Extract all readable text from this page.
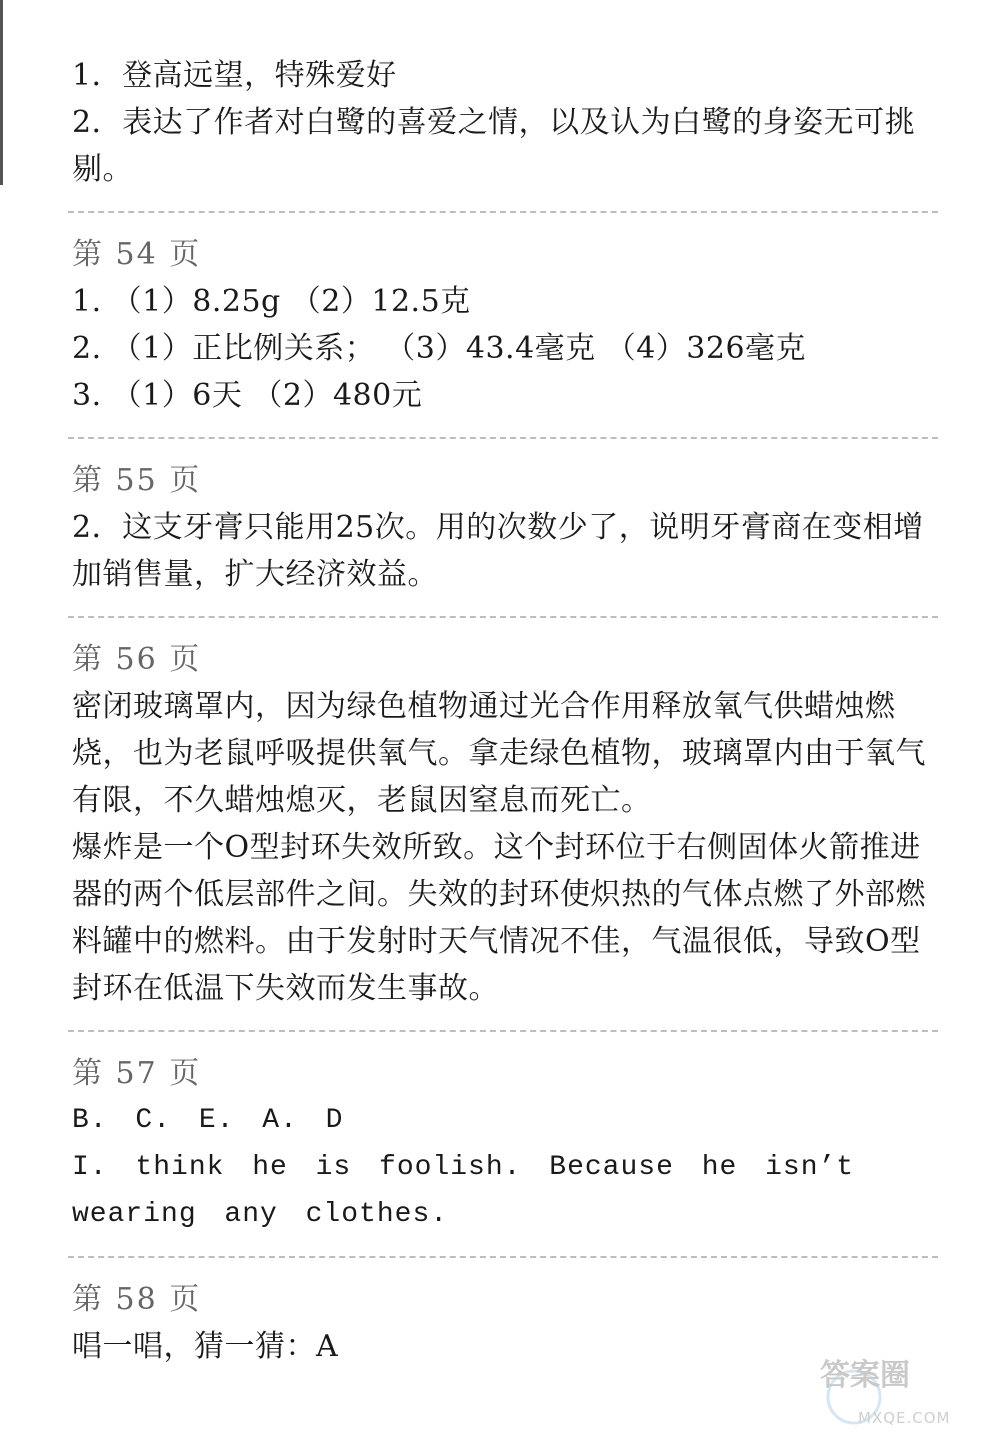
1．登高远望，特殊爱好
2．表达了作者对白鹭的喜爱之情，以及认为白鹭的身姿无可挑剔。
第 54 页
1. （1）8.25g （2）12.5克
2. （1）正比例关系； （3）43.4毫克 （4）326毫克
3. （1）6天 （2）480元
第 55 页
2．这支牙膏只能用25次。用的次数少了，说明牙膏商在变相增加销售量，扩大经济效益。
第 56 页
密闭玻璃罩内，因为绿色植物通过光合作用释放氧气供蜡烛燃烧，也为老鼠呼吸提供氧气。拿走绿色植物，玻璃罩内由于氧气有限，不久蜡烛熄灭，老鼠因窒息而死亡。
爆炸是一个O型封环失效所致。这个封环位于右侧固体火箭推进器的两个低层部件之间。失效的封环使炽热的气体点燃了外部燃料罐中的燃料。由于发射时天气情况不佳，气温很低，导致O型封环在低温下失效而发生事故。
第 57 页
B. C. E. A. D
I. think he is foolish. Because he isn’t wearing any clothes.
第 58 页
唱一唱，猜一猜：A
答案圈
MXQE.COM
